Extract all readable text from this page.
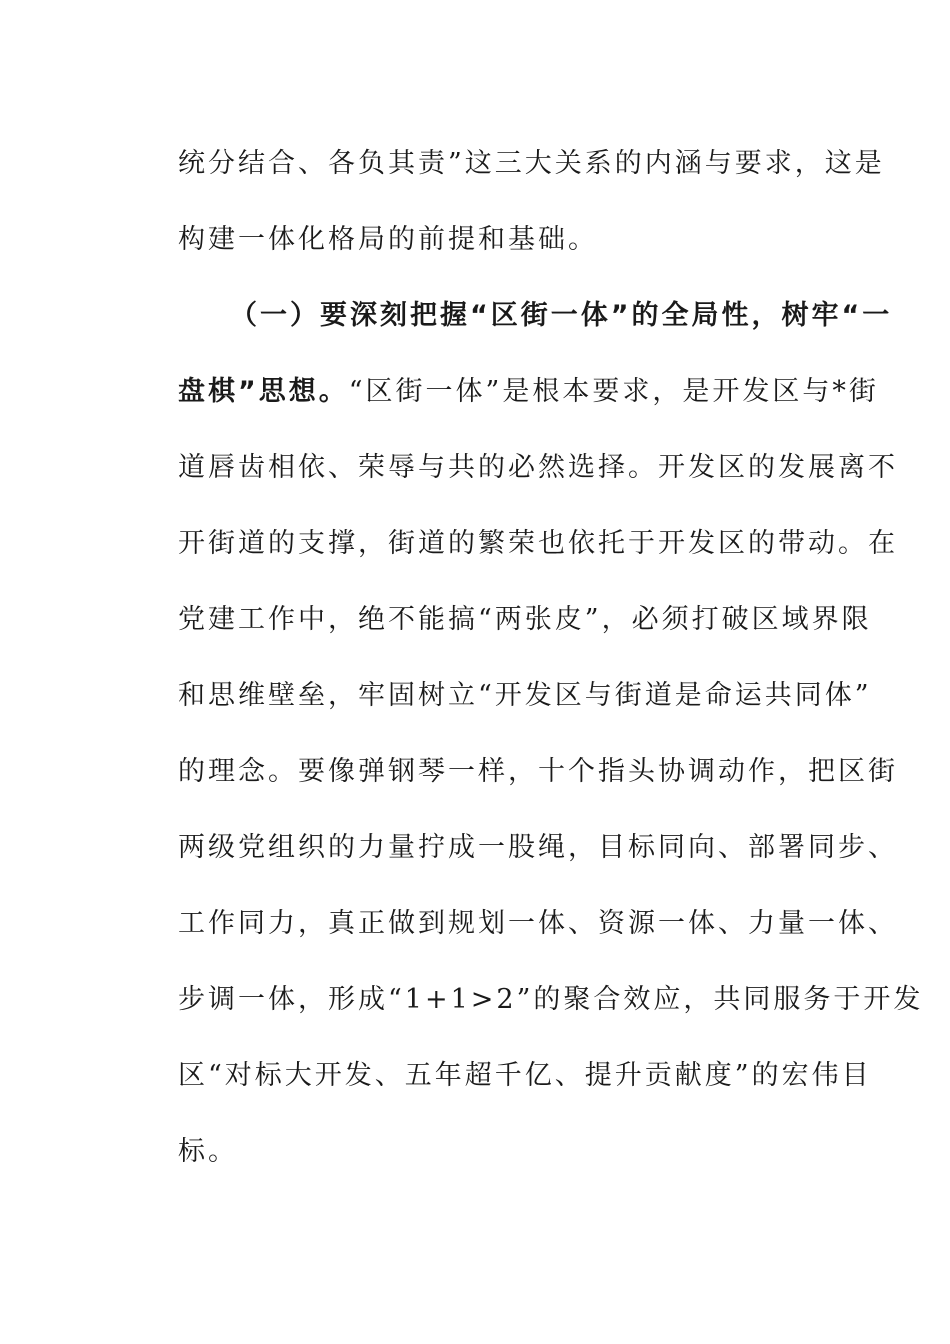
统分结合、各负其责”这三大关系的内涵与要求，这是
构建一体化格局的前提和基础。
（一）要深刻把握“区街一体”的全局性，树牢“一
盘棋”思想。“区街一体”是根本要求，是开发区与*街
道唇齿相依、荣辱与共的必然选择。开发区的发展离不
开街道的支撑，街道的繁荣也依托于开发区的带动。在
党建工作中，绝不能搞“两张皮”，必须打破区域界限
和思维壁垒，牢固树立“开发区与街道是命运共同体”
的理念。要像弹钢琴一样，十个指头协调动作，把区街
两级党组织的力量拧成一股绳，目标同向、部署同步、
工作同力，真正做到规划一体、资源一体、力量一体、
步调一体，形成“1+1>2”的聚合效应，共同服务于开发
区“对标大开发、五年超千亿、提升贡献度”的宏伟目
标。
